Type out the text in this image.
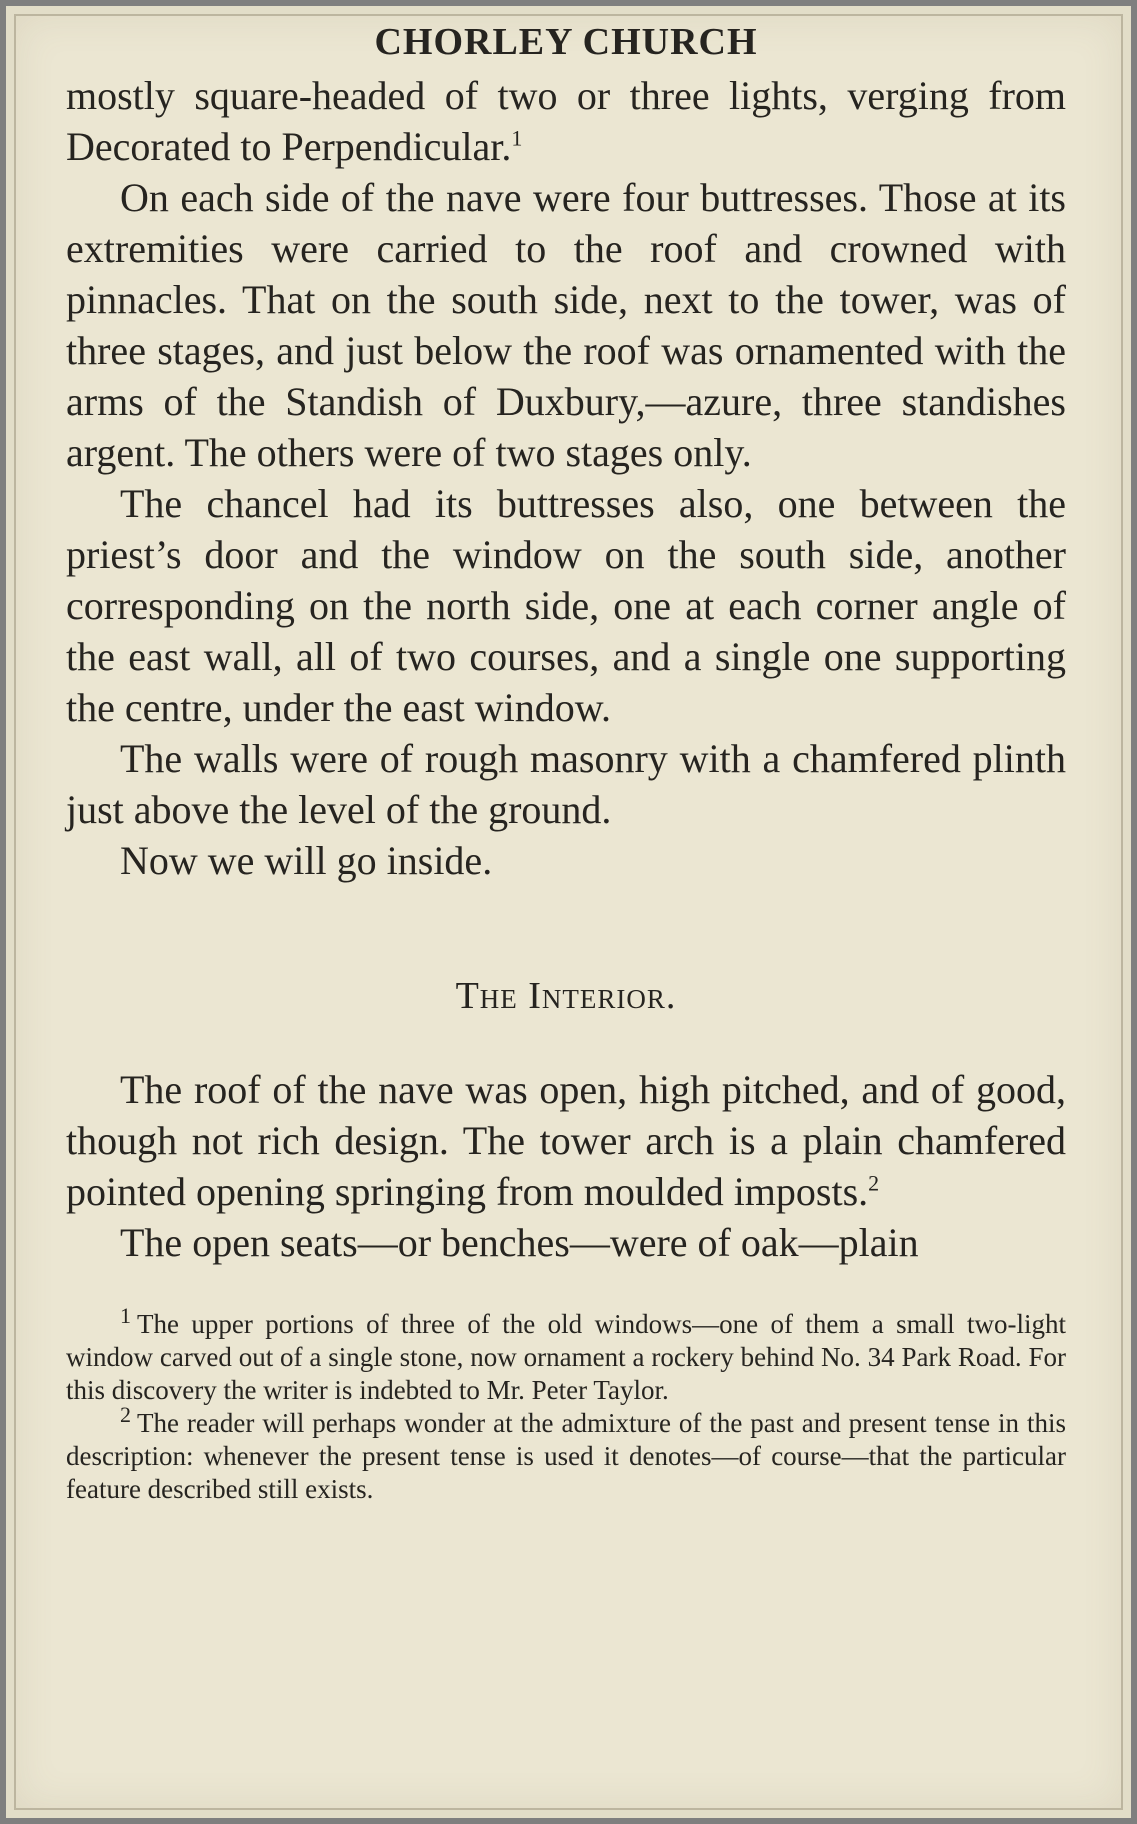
CHORLEY CHURCH

mostly square-headed of two or three lights, verging from Decorated to Perpendicular.$^1$

On each side of the nave were four buttresses. Those at its extremities were carried to the roof and crowned with pinnacles. That on the south side, next to the tower, was of three stages, and just below the roof was ornamented with the arms of the Standish of Duxbury,—azure, three standishes argent. The others were of two stages only.

The chancel had its buttresses also, one between the priest’s door and the window on the south side, another corresponding on the north side, one at each corner angle of the east wall, all of two courses, and a single one supporting the centre, under the east window.

The walls were of rough masonry with a chamfered plinth just above the level of the ground.

Now we will go inside.

The Interior.

The roof of the nave was open, high pitched, and of good, though not rich design. The tower arch is a plain chamfered pointed opening springing from moulded imposts.$^2$

The open seats—or benches—were of oak—plain

$^1$ The upper portions of three of the old windows—one of them a small two-light window carved out of a single stone, now ornament a rockery behind No. 34 Park Road. For this discovery the writer is indebted to Mr. Peter Taylor.

$^2$ The reader will perhaps wonder at the admixture of the past and present tense in this description: whenever the present tense is used it denotes—of course—that the particular feature described still exists.
